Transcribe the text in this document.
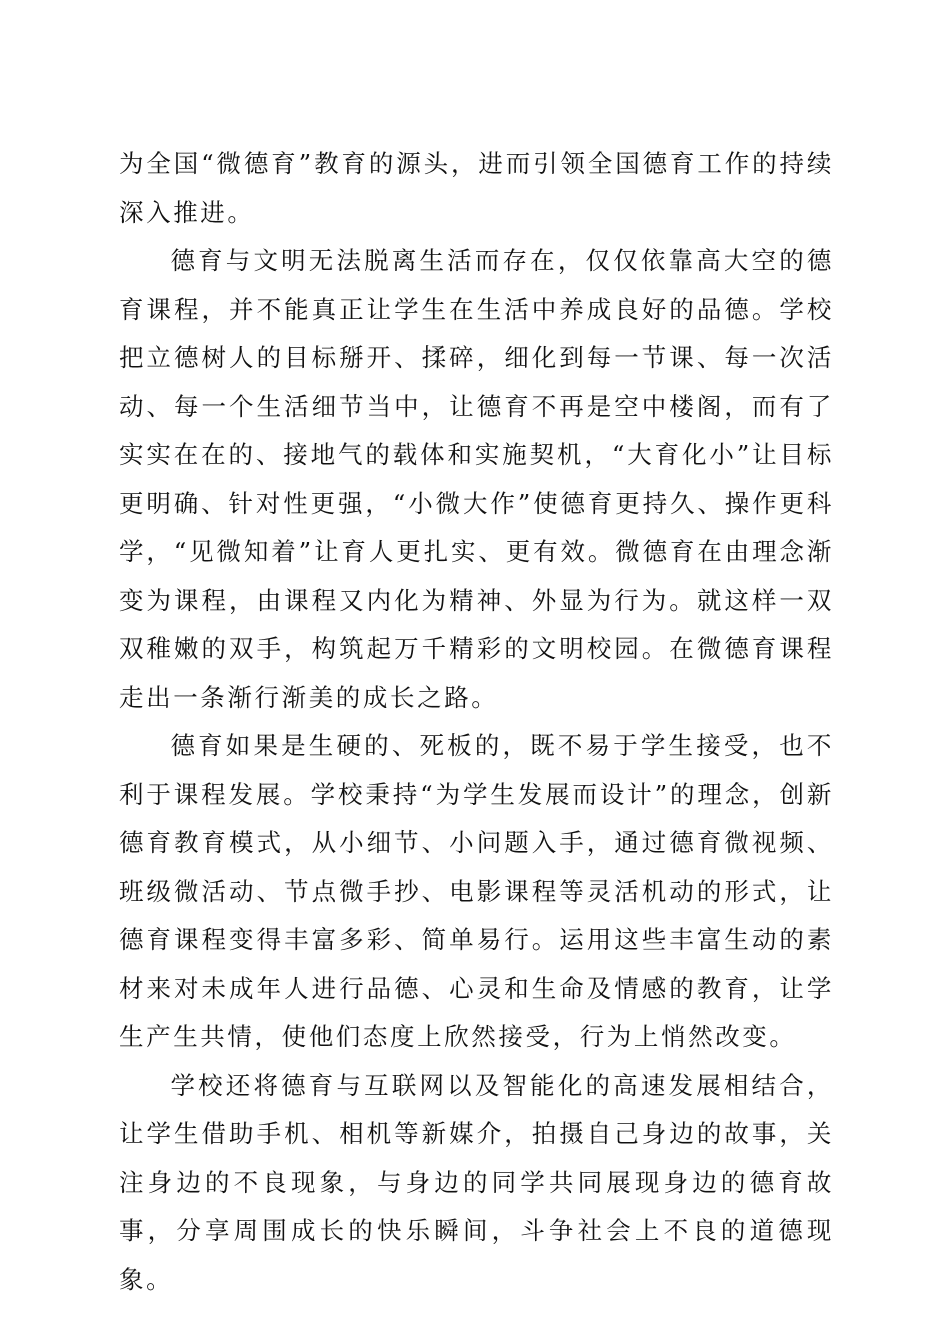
为全国“微德育”教育的源头，进而引领全国德育工作的持续深入推进。

德育与文明无法脱离生活而存在，仅仅依靠高大空的德育课程，并不能真正让学生在生活中养成良好的品德。学校把立德树人的目标掰开、揉碎，细化到每一节课、每一次活动、每一个生活细节当中，让德育不再是空中楼阁，而有了实实在在的、接地气的载体和实施契机，“大育化小”让目标更明确、针对性更强，“小微大作”使德育更持久、操作更科学，“见微知着”让育人更扎实、更有效。微德育在由理念渐变为课程，由课程又内化为精神、外显为行为。就这样一双双稚嫩的双手，构筑起万千精彩的文明校园。在微德育课程走出一条渐行渐美的成长之路。

德育如果是生硬的、死板的，既不易于学生接受，也不利于课程发展。学校秉持“为学生发展而设计”的理念，创新德育教育模式，从小细节、小问题入手，通过德育微视频、班级微活动、节点微手抄、电影课程等灵活机动的形式，让德育课程变得丰富多彩、简单易行。运用这些丰富生动的素材来对未成年人进行品德、心灵和生命及情感的教育，让学生产生共情，使他们态度上欣然接受，行为上悄然改变。

学校还将德育与互联网以及智能化的高速发展相结合，让学生借助手机、相机等新媒介，拍摄自己身边的故事，关注身边的不良现象，与身边的同学共同展现身边的德育故事，分享周围成长的快乐瞬间，斗争社会上不良的道德现象。
